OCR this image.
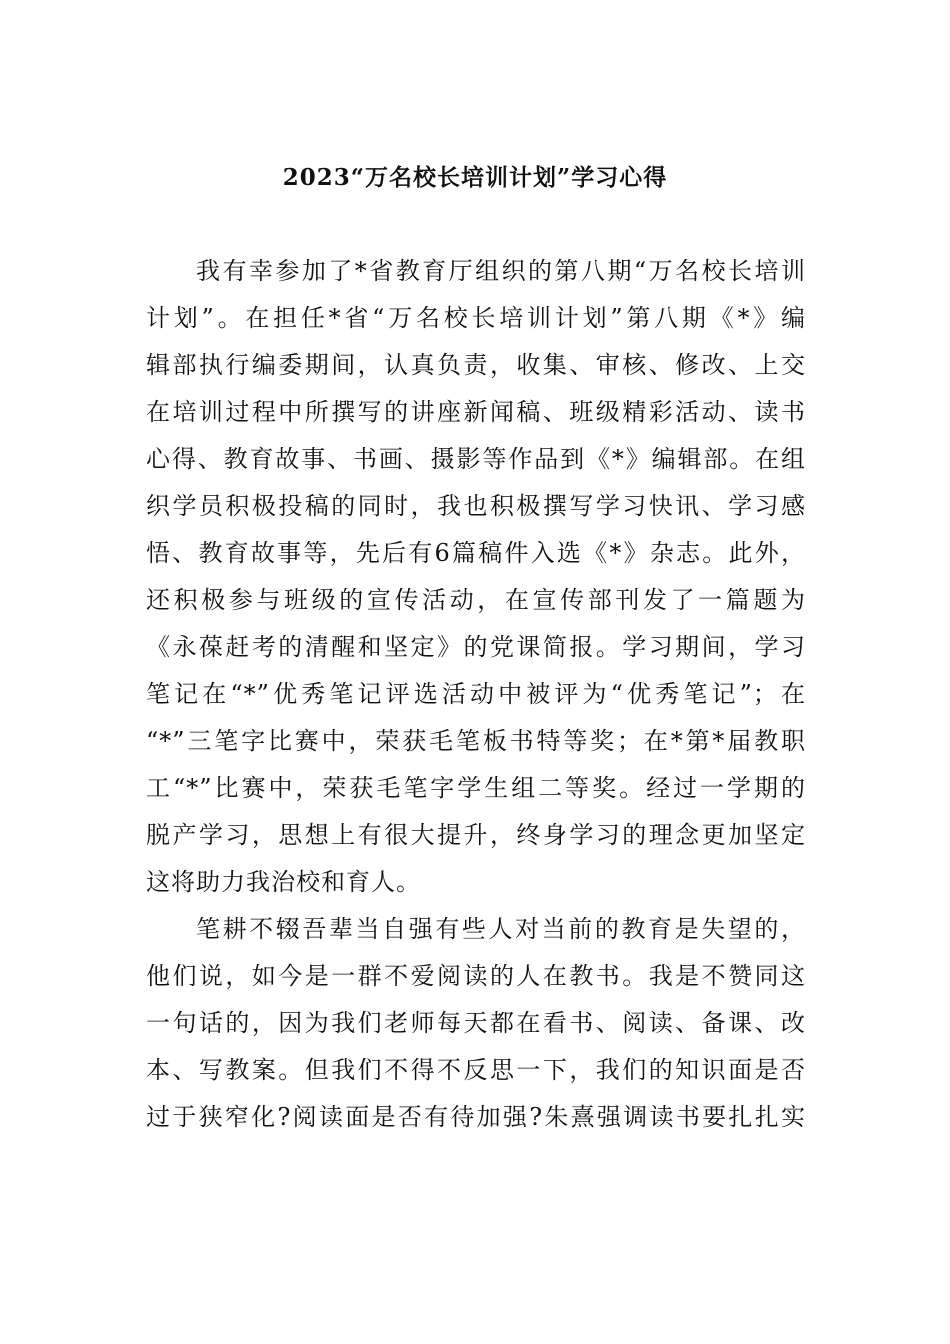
2023“万名校长培训计划”学习心得
我有幸参加了*省教育厅组织的第八期“万名校长培训
计划”。在担任*省“万名校长培训计划”第八期《*》编
辑部执行编委期间，认真负责，收集、审核、修改、上交
在培训过程中所撰写的讲座新闻稿、班级精彩活动、读书
心得、教育故事、书画、摄影等作品到《*》编辑部。在组
织学员积极投稿的同时，我也积极撰写学习快讯、学习感
悟、教育故事等，先后有6篇稿件入选《*》杂志。此外，
还积极参与班级的宣传活动，在宣传部刊发了一篇题为
《永葆赶考的清醒和坚定》的党课简报。学习期间，学习
笔记在“*”优秀笔记评选活动中被评为“优秀笔记”；在
“*”三笔字比赛中，荣获毛笔板书特等奖；在*第*届教职
工“*”比赛中，荣获毛笔字学生组二等奖。经过一学期的
脱产学习，思想上有很大提升，终身学习的理念更加坚定
这将助力我治校和育人。
笔耕不辍吾辈当自强有些人对当前的教育是失望的，
他们说，如今是一群不爱阅读的人在教书。我是不赞同这
一句话的，因为我们老师每天都在看书、阅读、备课、改
本、写教案。但我们不得不反思一下，我们的知识面是否
过于狭窄化?阅读面是否有待加强?朱熹强调读书要扎扎实
